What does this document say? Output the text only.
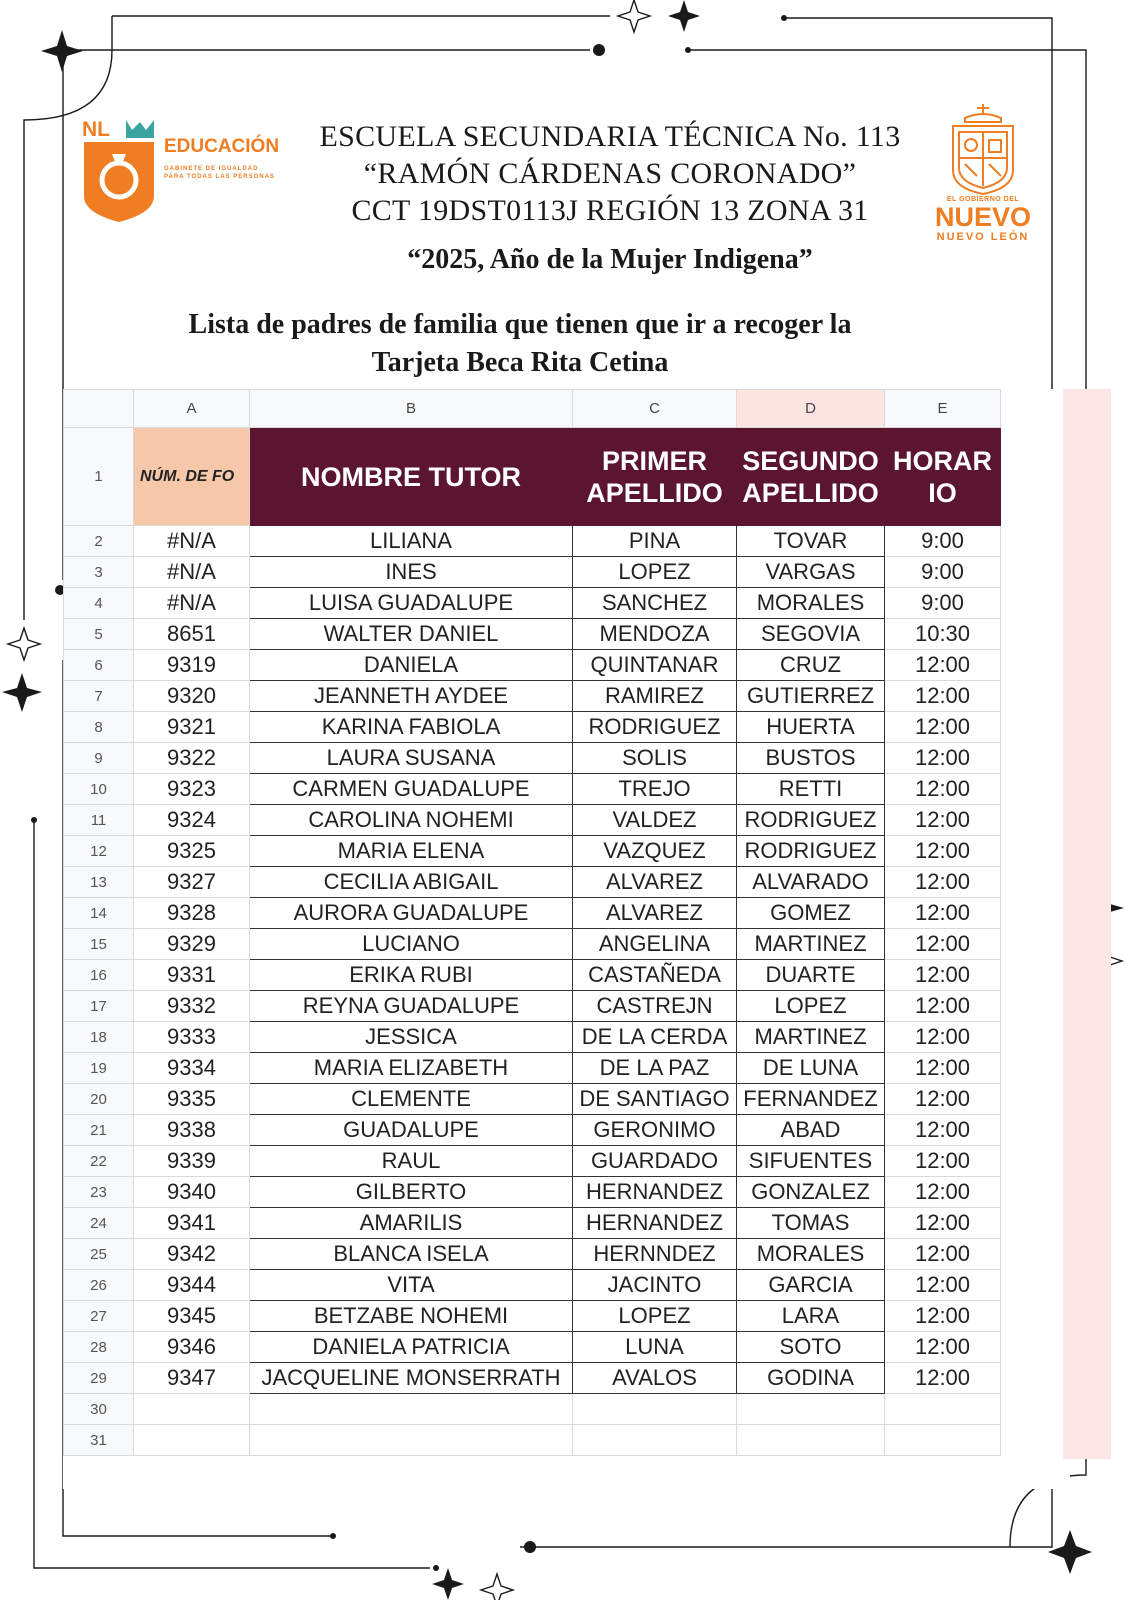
NL
EDUCACIÓN
GABINETE DE IGUALDAD
PARA TODAS LAS PERSONAS
ESCUELA SECUNDARIA TÉCNICA No. 113
“RAMÓN CÁRDENAS CORONADO”
CCT 19DST0113J REGIÓN 13 ZONA 31
“2025, Año de la Mujer Indigena”
EL GOBIERNO DEL
NUEVO
NUEVO LEÓN
Lista de padres de familia que tienen que ir a recoger la
Tarjeta Beca Rita Cetina
	A	B	C	D	E
1	NÚM. DE FO	NOMBRE TUTOR	PRIMER APELLIDO	SEGUNDO APELLIDO	HORAR IO
2	#N/A	LILIANA	PINA	TOVAR	9:00
3	#N/A	INES	LOPEZ	VARGAS	9:00
4	#N/A	LUISA GUADALUPE	SANCHEZ	MORALES	9:00
5	8651	WALTER DANIEL	MENDOZA	SEGOVIA	10:30
6	9319	DANIELA	QUINTANAR	CRUZ	12:00
7	9320	JEANNETH AYDEE	RAMIREZ	GUTIERREZ	12:00
8	9321	KARINA FABIOLA	RODRIGUEZ	HUERTA	12:00
9	9322	LAURA SUSANA	SOLIS	BUSTOS	12:00
10	9323	CARMEN GUADALUPE	TREJO	RETTI	12:00
11	9324	CAROLINA NOHEMI	VALDEZ	RODRIGUEZ	12:00
12	9325	MARIA ELENA	VAZQUEZ	RODRIGUEZ	12:00
13	9327	CECILIA ABIGAIL	ALVAREZ	ALVARADO	12:00
14	9328	AURORA GUADALUPE	ALVAREZ	GOMEZ	12:00
15	9329	LUCIANO	ANGELINA	MARTINEZ	12:00
16	9331	ERIKA RUBI	CASTAÑEDA	DUARTE	12:00
17	9332	REYNA GUADALUPE	CASTREJN	LOPEZ	12:00
18	9333	JESSICA	DE LA CERDA	MARTINEZ	12:00
19	9334	MARIA ELIZABETH	DE LA PAZ	DE LUNA	12:00
20	9335	CLEMENTE	DE SANTIAGO	FERNANDEZ	12:00
21	9338	GUADALUPE	GERONIMO	ABAD	12:00
22	9339	RAUL	GUARDADO	SIFUENTES	12:00
23	9340	GILBERTO	HERNANDEZ	GONZALEZ	12:00
24	9341	AMARILIS	HERNANDEZ	TOMAS	12:00
25	9342	BLANCA ISELA	HERNNDEZ	MORALES	12:00
26	9344	VITA	JACINTO	GARCIA	12:00
27	9345	BETZABE NOHEMI	LOPEZ	LARA	12:00
28	9346	DANIELA PATRICIA	LUNA	SOTO	12:00
29	9347	JACQUELINE MONSERRATH	AVALOS	GODINA	12:00
30					
31					
